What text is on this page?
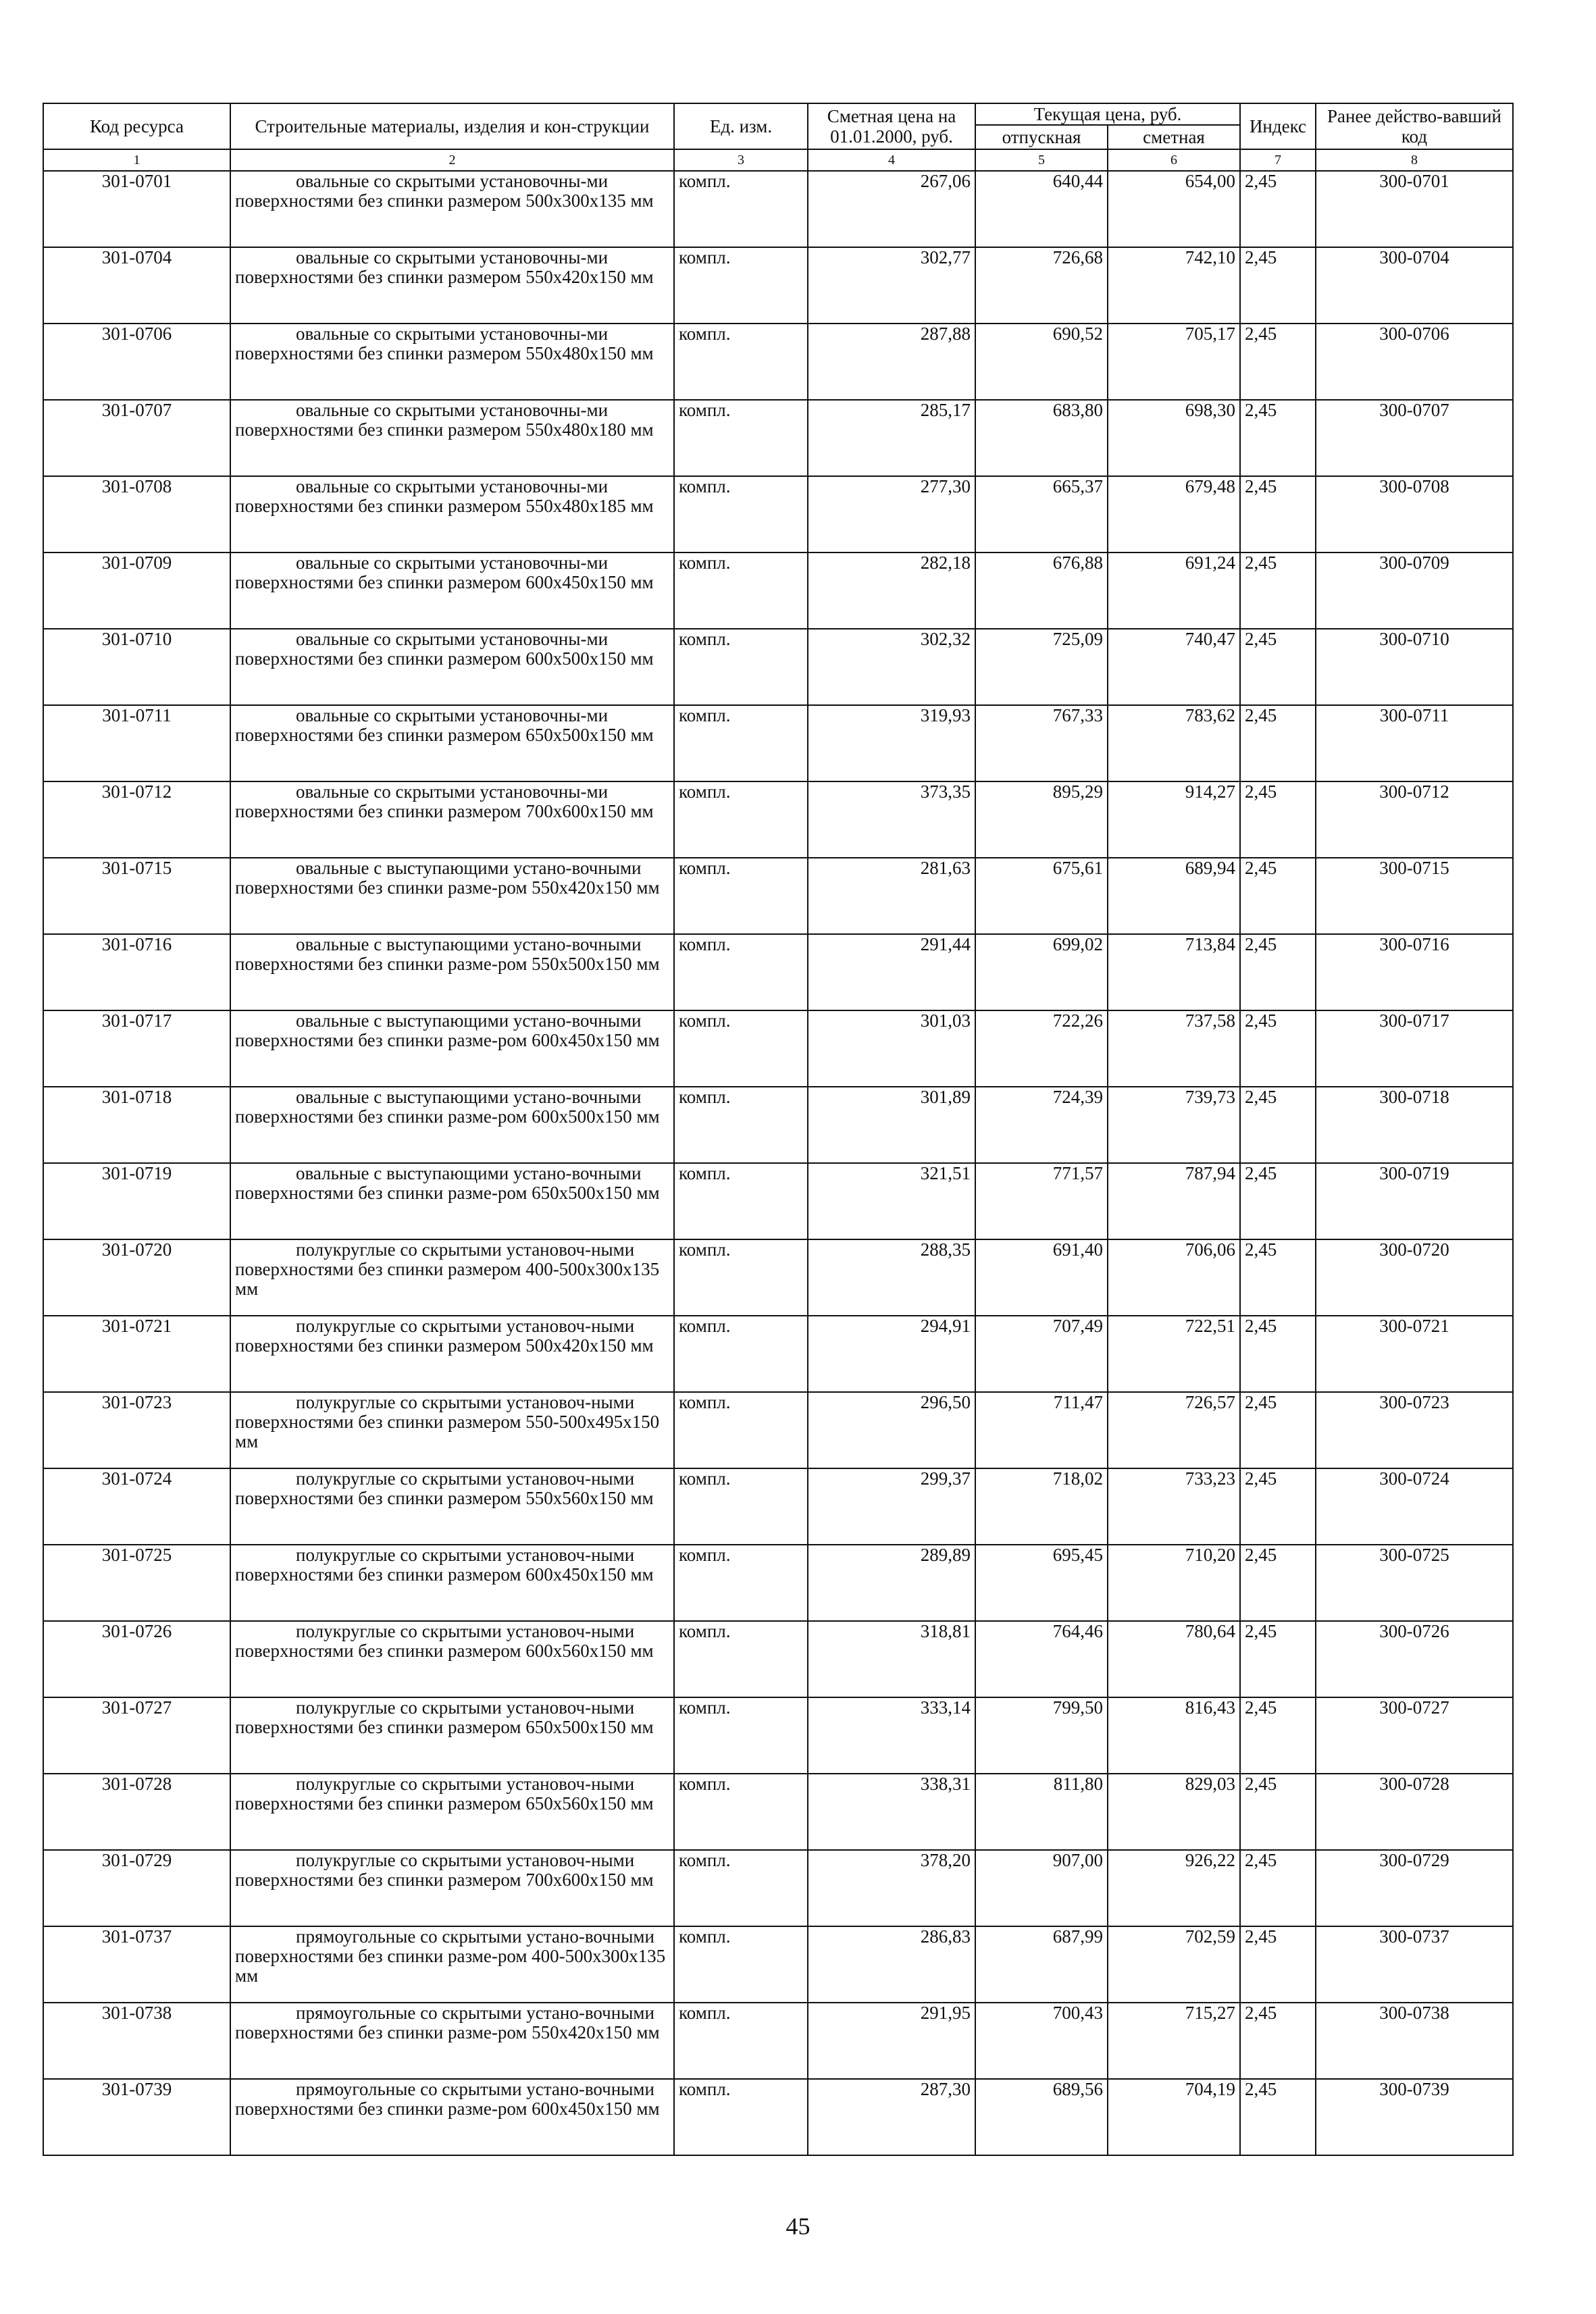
Код ресурса	Строительные материалы, изделия и кон-струкции	Ед. изм.	Сметная цена на 01.01.2000, руб.	Текущая цена, руб.		Индекс	Ранее действо-вавший код
				отпускная	сметная		
1	2	3	4	5	6	7	8
301-0701	овальные со скрытыми установочны-ми поверхностями без спинки размером 500x300x135 мм	компл.	267,06	640,44	654,00	2,45	300-0701
301-0704	овальные со скрытыми установочны-ми поверхностями без спинки размером 550x420x150 мм	компл.	302,77	726,68	742,10	2,45	300-0704
301-0706	овальные со скрытыми установочны-ми поверхностями без спинки размером 550x480x150 мм	компл.	287,88	690,52	705,17	2,45	300-0706
301-0707	овальные со скрытыми установочны-ми поверхностями без спинки размером 550x480x180 мм	компл.	285,17	683,80	698,30	2,45	300-0707
301-0708	овальные со скрытыми установочны-ми поверхностями без спинки размером 550x480x185 мм	компл.	277,30	665,37	679,48	2,45	300-0708
301-0709	овальные со скрытыми установочны-ми поверхностями без спинки размером 600x450x150 мм	компл.	282,18	676,88	691,24	2,45	300-0709
301-0710	овальные со скрытыми установочны-ми поверхностями без спинки размером 600x500x150 мм	компл.	302,32	725,09	740,47	2,45	300-0710
301-0711	овальные со скрытыми установочны-ми поверхностями без спинки размером 650x500x150 мм	компл.	319,93	767,33	783,62	2,45	300-0711
301-0712	овальные со скрытыми установочны-ми поверхностями без спинки размером 700x600x150 мм	компл.	373,35	895,29	914,27	2,45	300-0712
301-0715	овальные с выступающими устано-вочными поверхностями без спинки разме-ром 550x420x150 мм	компл.	281,63	675,61	689,94	2,45	300-0715
301-0716	овальные с выступающими устано-вочными поверхностями без спинки разме-ром 550x500x150 мм	компл.	291,44	699,02	713,84	2,45	300-0716
301-0717	овальные с выступающими устано-вочными поверхностями без спинки разме-ром 600x450x150 мм	компл.	301,03	722,26	737,58	2,45	300-0717
301-0718	овальные с выступающими устано-вочными поверхностями без спинки разме-ром 600x500x150 мм	компл.	301,89	724,39	739,73	2,45	300-0718
301-0719	овальные с выступающими устано-вочными поверхностями без спинки разме-ром 650x500x150 мм	компл.	321,51	771,57	787,94	2,45	300-0719
301-0720	полукруглые со скрытыми установоч-ными поверхностями без спинки размером 400-500x300x135 мм	компл.	288,35	691,40	706,06	2,45	300-0720
301-0721	полукруглые со скрытыми установоч-ными поверхностями без спинки размером 500x420x150 мм	компл.	294,91	707,49	722,51	2,45	300-0721
301-0723	полукруглые со скрытыми установоч-ными поверхностями без спинки размером 550-500x495x150 мм	компл.	296,50	711,47	726,57	2,45	300-0723
301-0724	полукруглые со скрытыми установоч-ными поверхностями без спинки размером 550x560x150 мм	компл.	299,37	718,02	733,23	2,45	300-0724
301-0725	полукруглые со скрытыми установоч-ными поверхностями без спинки размером 600x450x150 мм	компл.	289,89	695,45	710,20	2,45	300-0725
301-0726	полукруглые со скрытыми установоч-ными поверхностями без спинки размером 600x560x150 мм	компл.	318,81	764,46	780,64	2,45	300-0726
301-0727	полукруглые со скрытыми установоч-ными поверхностями без спинки размером 650x500x150 мм	компл.	333,14	799,50	816,43	2,45	300-0727
301-0728	полукруглые со скрытыми установоч-ными поверхностями без спинки размером 650x560x150 мм	компл.	338,31	811,80	829,03	2,45	300-0728
301-0729	полукруглые со скрытыми установоч-ными поверхностями без спинки размером 700x600x150 мм	компл.	378,20	907,00	926,22	2,45	300-0729
301-0737	прямоугольные со скрытыми устано-вочными поверхностями без спинки разме-ром 400-500x300x135 мм	компл.	286,83	687,99	702,59	2,45	300-0737
301-0738	прямоугольные со скрытыми устано-вочными поверхностями без спинки разме-ром 550x420x150 мм	компл.	291,95	700,43	715,27	2,45	300-0738
301-0739	прямоугольные со скрытыми устано-вочными поверхностями без спинки разме-ром 600x450x150 мм	компл.	287,30	689,56	704,19	2,45	300-0739
45
